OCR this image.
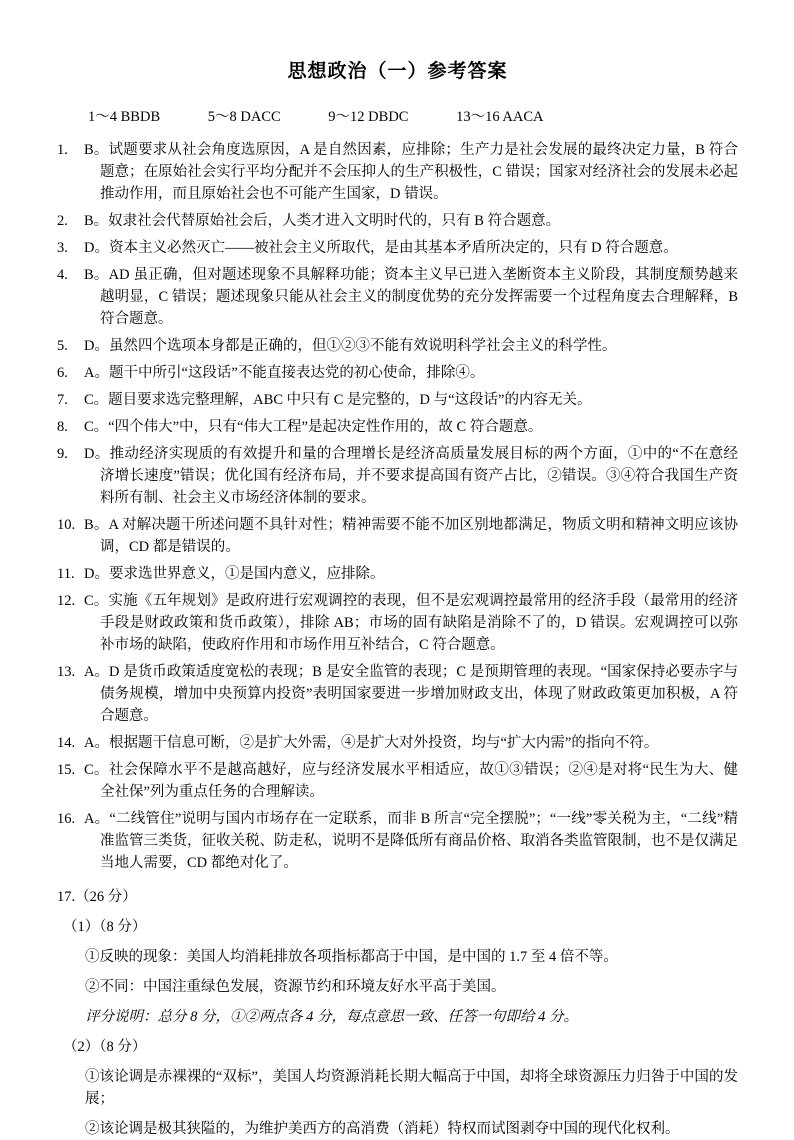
思想政治（一）参考答案
1～4 BBDB	5～8 DACC	9～12 DBDC	13～16 AACA
1. B。试题要求从社会角度选原因，A 是自然因素，应排除；生产力是社会发展的最终决定力量，B 符合题意；在原始社会实行平均分配并不会压抑人的生产积极性，C 错误；国家对经济社会的发展未必起推动作用，而且原始社会也不可能产生国家，D 错误。
2. B。奴隶社会代替原始社会后，人类才进入文明时代的，只有 B 符合题意。
3. D。资本主义必然灭亡——被社会主义所取代，是由其基本矛盾所决定的，只有 D 符合题意。
4. B。AD 虽正确，但对题述现象不具解释功能；资本主义早已进入垄断资本主义阶段，其制度颓势越来越明显，C 错误；题述现象只能从社会主义的制度优势的充分发挥需要一个过程角度去合理解释，B 符合题意。
5. D。虽然四个选项本身都是正确的，但①②③不能有效说明科学社会主义的科学性。
6. A。题干中所引“这段话”不能直接表达党的初心使命，排除④。
7. C。题目要求选完整理解，ABC 中只有 C 是完整的，D 与“这段话”的内容无关。
8. C。“四个伟大”中，只有“伟大工程”是起决定性作用的，故 C 符合题意。
9. D。推动经济实现质的有效提升和量的合理增长是经济高质量发展目标的两个方面，①中的“不在意经济增长速度”错误；优化国有经济布局，并不要求提高国有资产占比，②错误。③④符合我国生产资料所有制、社会主义市场经济体制的要求。
10. B。A 对解决题干所述问题不具针对性；精神需要不能不加区别地都满足，物质文明和精神文明应该协调，CD 都是错误的。
11. D。要求选世界意义，①是国内意义，应排除。
12. C。实施《五年规划》是政府进行宏观调控的表现，但不是宏观调控最常用的经济手段（最常用的经济手段是财政政策和货币政策），排除 AB；市场的固有缺陷是消除不了的，D 错误。宏观调控可以弥补市场的缺陷，使政府作用和市场作用互补结合，C 符合题意。
13. A。D 是货币政策适度宽松的表现；B 是安全监管的表现；C 是预期管理的表现。“国家保持必要赤字与债务规模，增加中央预算内投资”表明国家要进一步增加财政支出，体现了财政政策更加积极，A 符合题意。
14. A。根据题干信息可断，②是扩大外需，④是扩大对外投资，均与“扩大内需”的指向不符。
15. C。社会保障水平不是越高越好，应与经济发展水平相适应，故①③错误；②④是对将“民生为大、健全社保”列为重点任务的合理解读。
16. A。“二线管住”说明与国内市场存在一定联系，而非 B 所言“完全摆脱”；“一线”零关税为主，“二线”精准监管三类货，征收关税、防走私，说明不是降低所有商品价格、取消各类监管限制，也不是仅满足当地人需要，CD 都绝对化了。
17.（26 分）
（1）（8 分）
①反映的现象：美国人均消耗排放各项指标都高于中国，是中国的 1.7 至 4 倍不等。
②不同：中国注重绿色发展，资源节约和环境友好水平高于美国。
评分说明：总分 8 分，①②两点各 4 分，每点意思一致、任答一句即给 4 分。
（2）（8 分）
①该论调是赤裸裸的“双标”，美国人均资源消耗长期大幅高于中国，却将全球资源压力归咎于中国的发展；
②该论调是极其狭隘的，为维护美西方的高消费（消耗）特权而试图剥夺中国的现代化权利。
